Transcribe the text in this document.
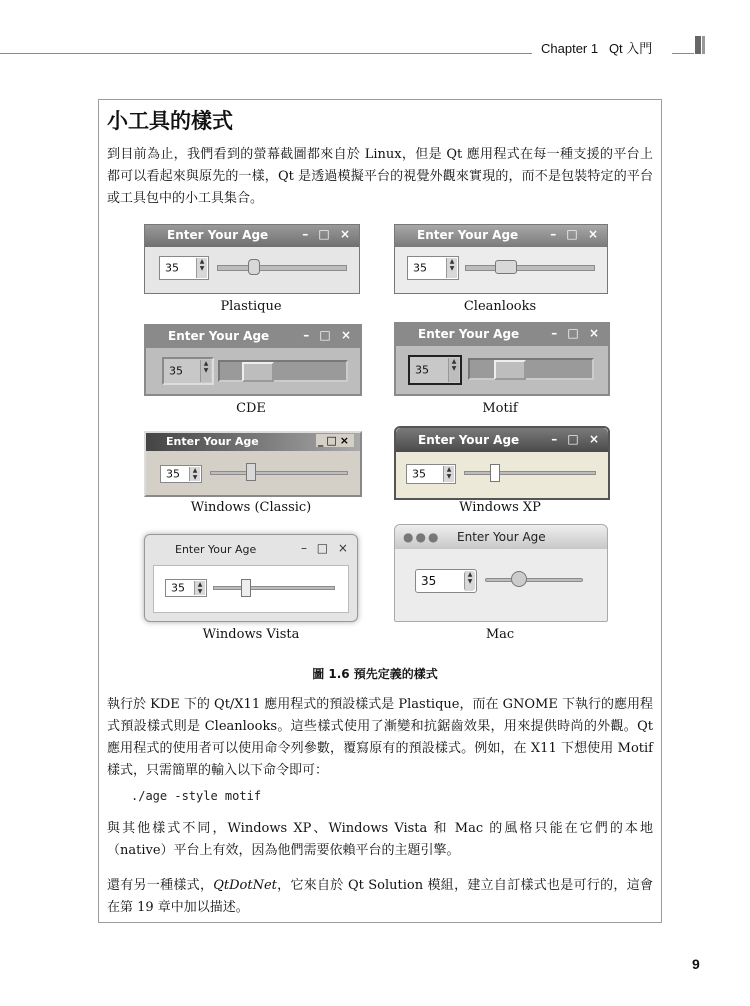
Chapter 1 Qt 入門
小工具的樣式
到目前為止，我們看到的螢幕截圖都來自於 Linux，但是 Qt 應用程式在每一種支援的平台上都可以看起來與原先的一樣，Qt 是透過模擬平台的視覺外觀來實現的，而不是包裝特定的平台或工具包中的小工具集合。
Enter Your Age	– □ ×
35	▲
▼
Plastique
Enter Your Age	– □ ×
35	▲
▼
Cleanlooks
Enter Your Age	– □ ×
35
▲
▼
CDE
Enter Your Age	– □ ×
35
▲
▼
Motif
Enter Your Age	_□×
35	▲
▼
Windows (Classic)
Enter Your Age	– □ ×
35	▲
▼
Windows XP
Enter Your Age	– □ ×
35	▲
▼
Windows Vista
●●● Enter Your Age
35	▲
▼
Mac
圖 1.6 預先定義的樣式
執行於 KDE 下的 Qt/X11 應用程式的預設樣式是 Plastique，而在 GNOME 下執行的應用程式預設樣式則是 Cleanlooks。這些樣式使用了漸變和抗鋸齒效果，用來提供時尚的外觀。Qt 應用程式的使用者可以使用命令列參數，覆寫原有的預設樣式。例如，在 X11 下想使用 Motif 樣式，只需簡單的輸入以下命令即可：
./age -style motif
與其他樣式不同，Windows XP、Windows Vista 和 Mac 的風格只能在它們的本地（native）平台上有效，因為他們需要依賴平台的主題引擎。
還有另一種樣式，QtDotNet，它來自於 Qt Solution 模組，建立自訂樣式也是可行的，這會在第 19 章中加以描述。
9
